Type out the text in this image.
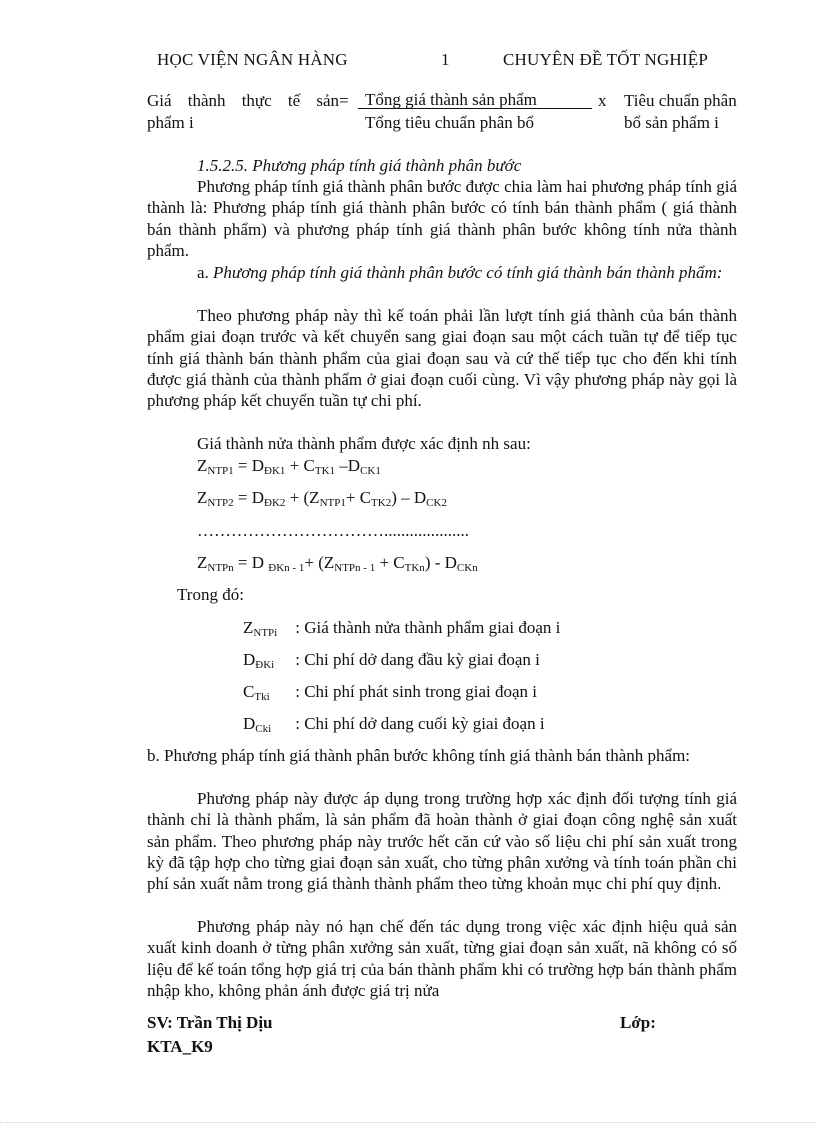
HỌC VIỆN NGÂN HÀNG	1	CHUYÊN ĐỀ TỐT NGHIỆP
Giá thành thực tế sản
phẩm i
= Tổng giá thành sản phẩm
Tổng tiêu chuẩn phân bổ
x Tiêu chuẩn phân
bổ sản phẩm i
1.5.2.5. Phương pháp tính giá thành phân bước
Phương pháp tính giá thành phân bước được chia làm hai phương pháp tính giá thành là: Phương pháp tính giá thành phân bước có tính bán thành phẩm ( giá thành bán thành phẩm) và phương pháp tính giá thành phân bước không tính nửa thành phẩm.
a. Phương pháp tính giá thành phân bước có tính giá thành bán thành phẩm:
Theo phương pháp này thì kế toán phải lần lượt tính giá thành của bán thành phẩm giai đoạn trước và kết chuyển sang giai đoạn sau một cách tuần tự để tiếp tục tính giá thành bán thành phẩm của giai đoạn sau và cứ thế tiếp tục cho đến khi tính được giá thành của thành phẩm ở giai đoạn cuối cùng. Vì vậy phương pháp này gọi là phương pháp kết chuyển tuần tự chi phí.
Giá thành nửa thành phẩm được xác định nh sau:
$Z_{NTP1} = D_{ĐK1} + C_{TK1}$ $-D_{CK1}$
$Z_{NTP2} = D_{ĐK2} + (Z_{NTP1}+ C_{TK2}) - D_{CK2}$
……………………………....................
$Z_{NTPn} = D$ $_{ĐKn - 1}+ (Z_{NTPn - 1} + C_{TKn}) - D_{CKn}$
Trong đó:
$Z_{NTPi}$ : Giá thành nửa thành phẩm giai đoạn i
$D_{ĐKi}$ : Chi phí dở dang đầu kỳ giai đoạn i
$C_{Tki}$ : Chi phí phát sinh trong giai đoạn i
$D_{Cki}$ : Chi phí dở dang cuối kỳ giai đoạn i
b. Phương pháp tính giá thành phân bước không tính giá thành bán thành phẩm:
Phương pháp này được áp dụng trong trường hợp xác định đối tượng tính giá thành chỉ là thành phẩm, là sản phẩm đã hoàn thành ở giai đoạn công nghệ sản xuất sản phẩm. Theo phương pháp này trước hết căn cứ vào số liệu chi phí sản xuất trong kỳ đã tập hợp cho từng giai đoạn sản xuất, cho từng phân xưởng và tính toán phần chi phí sản xuất nằm trong giá thành thành phẩm theo từng khoản mục chi phí quy định.
Phương pháp này nó hạn chế đến tác dụng trong việc xác định hiệu quả sản xuất kinh doanh ở từng phân xưởng sản xuất, từng giai đoạn sản xuất, nã không có số liệu để kế toán tổng hợp giá trị của bán thành phẩm khi có trường hợp bán thành phẩm nhập kho, không phản ánh được giá trị nửa
SV: Trần Thị Dịu	Lớp:
KTA_K9
